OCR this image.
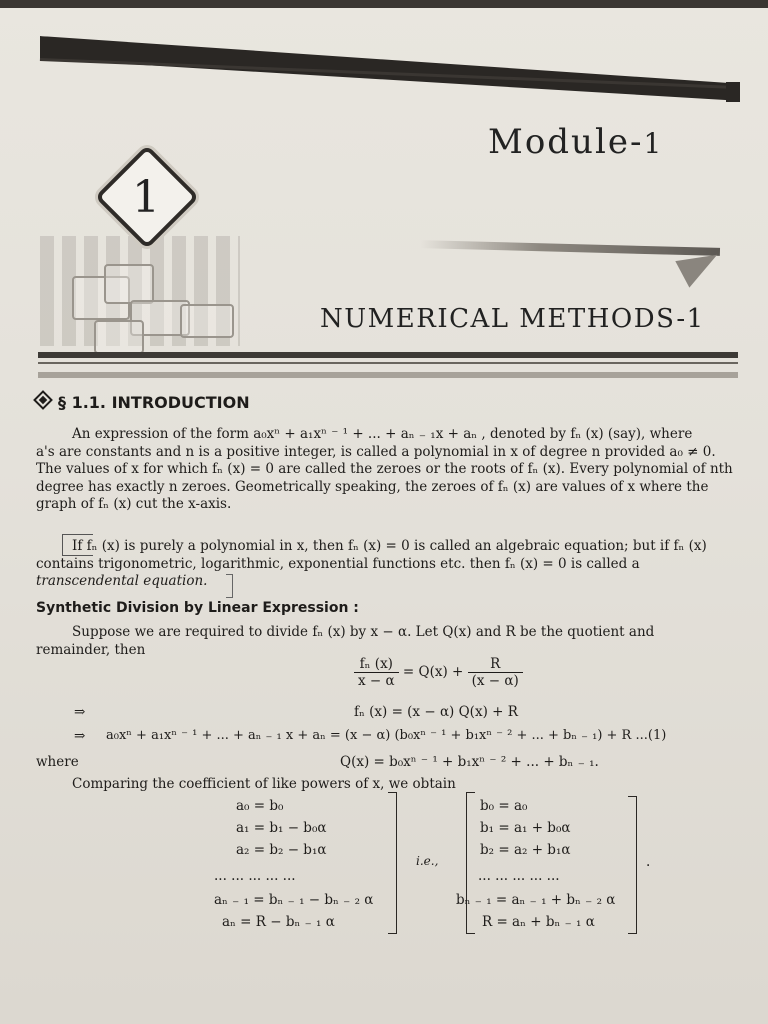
Module-1
1
NUMERICAL METHODS-1
§ 1.1. INTRODUCTION

An expression of the form a₀xⁿ + a₁xⁿ ⁻ ¹ + ... + aₙ ₋ ₁x + aₙ , denoted by fₙ (x) (say), where

a's are constants and n is a positive integer, is called a polynomial in x of degree n provided a₀ ≠ 0.

The values of x for which fₙ (x) = 0 are called the zeroes or the roots of fₙ (x). Every polynomial of nth

degree has exactly n zeroes. Geometrically speaking, the zeroes of fₙ (x) are values of x where the

graph of fₙ (x) cut the x-axis.

If fₙ (x) is purely a polynomial in x, then fₙ (x) = 0 is called an algebraic equation; but if fₙ (x)

contains trigonometric, logarithmic, exponential functions etc. then fₙ (x) = 0 is called a

transcendental equation.

Synthetic Division by Linear Expression :

Suppose we are required to divide fₙ (x) by x − α. Let Q(x) and R be the quotient and

remainder, then

$\frac{\text{fₙ (x)}}{x - \alpha} = Q(x) + \frac{R}{(x - \alpha)}$
⇒	fₙ (x) = (x − α) Q(x) + R
⇒ a₀xⁿ + a₁xⁿ ⁻ ¹ + ... + aₙ ₋ ₁ x + aₙ = (x − α) (b₀xⁿ ⁻ ¹ + b₁xⁿ ⁻ ² + ... + bₙ ₋ ₁) + R ...(1)
where	Q(x) = b₀xⁿ ⁻ ¹ + b₁xⁿ ⁻ ² + ... + bₙ ₋ ₁.
Comparing the coefficient of like powers of x, we obtain
a₀ = b₀
a₁ = b₁ − b₀α
a₂ = b₂ − b₁α
... ... ... ... ...
aₙ ₋ ₁ = bₙ ₋ ₁ − bₙ ₋ ₂ α
aₙ = R − bₙ ₋ ₁ α
i.e.,
b₀ = a₀
b₁ = a₁ + b₀α
b₂ = a₂ + b₁α
... ... ... ... ...
bₙ ₋ ₁ = aₙ ₋ ₁ + bₙ ₋ ₂ α
R = aₙ + bₙ ₋ ₁ α
.
